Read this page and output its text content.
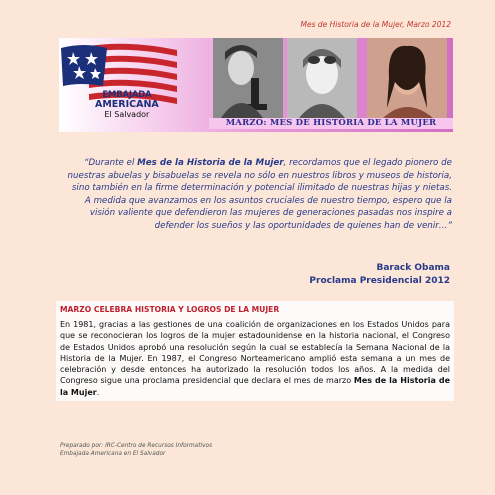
Mes de Historia de la Mujer, Marzo 2012
EMBAJADA
AMERICANA
El Salvador
MARZO: MES DE HISTORIA DE LA MUJER
“Durante el Mes de la Historia de la Mujer, recordamos que el legado pionero de nuestras abuelas y bisabuelas se revela no sólo en nuestros libros y museos de historia, sino también en la firme determinación y potencial ilimitado de nuestras hijas y nietas. A medida que avanzamos en los asuntos cruciales de nuestro tiempo, espero que la visión valiente que defendieron las mujeres de generaciones pasadas nos inspire a defender los sueños y las oportunidades de quienes han de venir…”
Barack Obama
Proclama Presidencial 2012
MARZO CELEBRA HISTORIA Y LOGROS DE LA MUJER
En 1981, gracias a las gestiones de una coalición de organizaciones en los Estados Unidos para que se reconocieran los logros de la mujer estadounidense en la historia nacional, el Congreso de Estados Unidos aprobó una resolución según la cual se establecía la Semana Nacional de la Historia de la Mujer. En 1987, el Congreso Norteamericano amplió esta semana a un mes de celebración y desde entonces ha autorizado la resolución todos los años. A la medida del Congreso sigue una proclama presidencial que declara el mes de marzo Mes de la Historia de la Mujer.
Preparado por: IRC-Centro de Recursos Informativos
Embajada Americana en El Salvador
